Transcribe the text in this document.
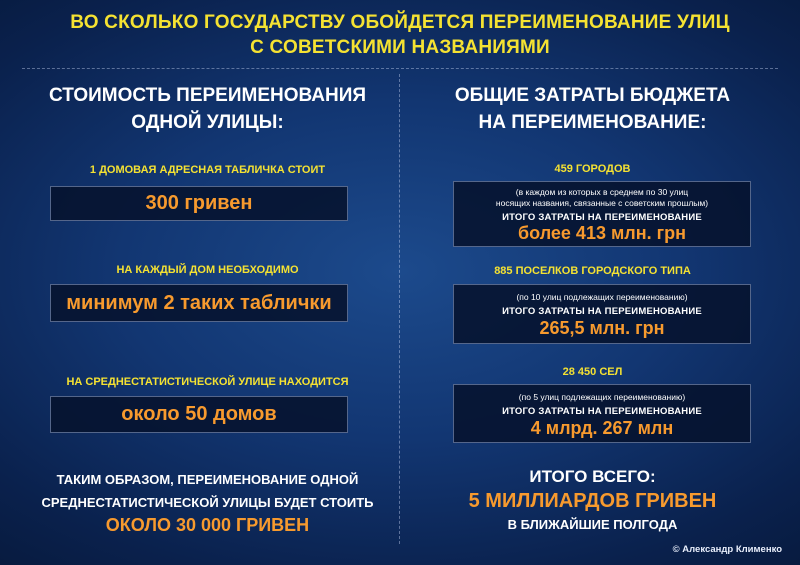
ВО СКОЛЬКО ГОСУДАРСТВУ ОБОЙДЕТСЯ ПЕРЕИМЕНОВАНИЕ УЛИЦ
С СОВЕТСКИМИ НАЗВАНИЯМИ
СТОИМОСТЬ ПЕРЕИМЕНОВАНИЯ
ОДНОЙ УЛИЦЫ:
1 ДОМОВАЯ АДРЕСНАЯ ТАБЛИЧКА СТОИТ
300 гривен
НА КАЖДЫЙ ДОМ НЕОБХОДИМО
минимум 2 таких таблички
НА СРЕДНЕСТАТИСТИЧЕСКОЙ УЛИЦЕ НАХОДИТСЯ
около 50 домов
ТАКИМ ОБРАЗОМ, ПЕРЕИМЕНОВАНИЕ ОДНОЙ
СРЕДНЕСТАТИСТИЧЕСКОЙ УЛИЦЫ БУДЕТ СТОИТЬ
ОКОЛО 30 000 ГРИВЕН
ОБЩИЕ ЗАТРАТЫ БЮДЖЕТА
НА ПЕРЕИМЕНОВАНИЕ:
459 ГОРОДОВ
(в каждом из которых в среднем по 30 улиц
носящих названия, связанные с советским прошлым)
ИТОГО ЗАТРАТЫ НА ПЕРЕИМЕНОВАНИЕ
более 413 млн. грн
885 ПОСЕЛКОВ ГОРОДСКОГО ТИПА
(по 10 улиц подлежащих переименованию)
ИТОГО ЗАТРАТЫ НА ПЕРЕИМЕНОВАНИЕ
265,5 млн. грн
28 450 СЕЛ
(по 5 улиц подлежащих переименованию)
ИТОГО ЗАТРАТЫ НА ПЕРЕИМЕНОВАНИЕ
4 млрд. 267 млн
ИТОГО ВСЕГО:
5 МИЛЛИАРДОВ ГРИВЕН
В БЛИЖАЙШИЕ ПОЛГОДА
© Александр Клименко
